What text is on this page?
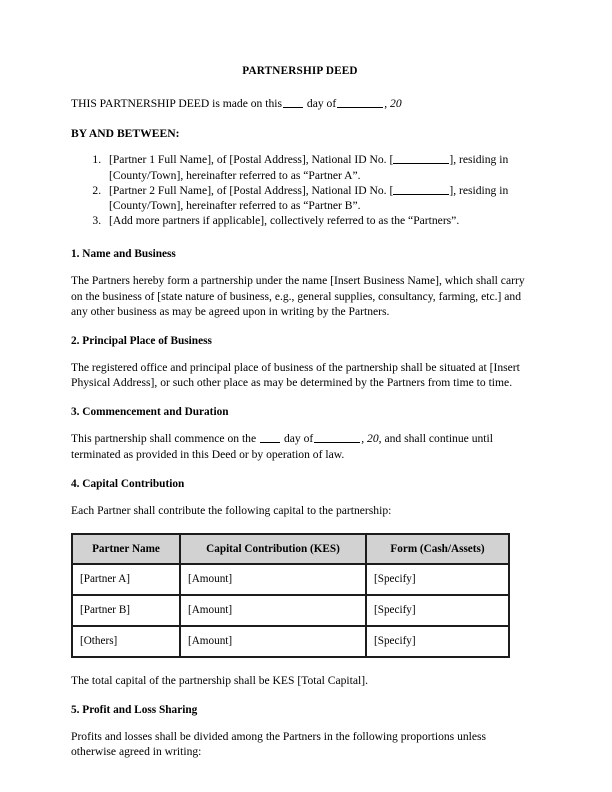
PARTNERSHIP DEED

THIS PARTNERSHIP DEED is made on this day of	, 20

BY AND BETWEEN:

1. [Partner 1 Full Name], of [Postal Address], National ID No. [	], residing in [County/Town], hereinafter referred to as “Partner A”.
2. [Partner 2 Full Name], of [Postal Address], National ID No. [	], residing in [County/Town], hereinafter referred to as “Partner B”.
3. [Add more partners if applicable], collectively referred to as the “Partners”.

1. Name and Business

The Partners hereby form a partnership under the name [Insert Business Name], which shall carry on the business of [state nature of business, e.g., general supplies, consultancy, farming, etc.] and any other business as may be agreed upon in writing by the Partners.

2. Principal Place of Business

The registered office and principal place of business of the partnership shall be situated at [Insert Physical Address], or such other place as may be determined by the Partners from time to time.

3. Commencement and Duration

This partnership shall commence on the day of	, 20, and shall continue until terminated as provided in this Deed or by operation of law.

4. Capital Contribution

Each Partner shall contribute the following capital to the partnership:

Partner Name	Capital Contribution (KES)	Form (Cash/Assets)
[Partner A]	[Amount]	[Specify]
[Partner B]	[Amount]	[Specify]
[Others]	[Amount]	[Specify]

The total capital of the partnership shall be KES [Total Capital].

5. Profit and Loss Sharing

Profits and losses shall be divided among the Partners in the following proportions unless otherwise agreed in writing:
